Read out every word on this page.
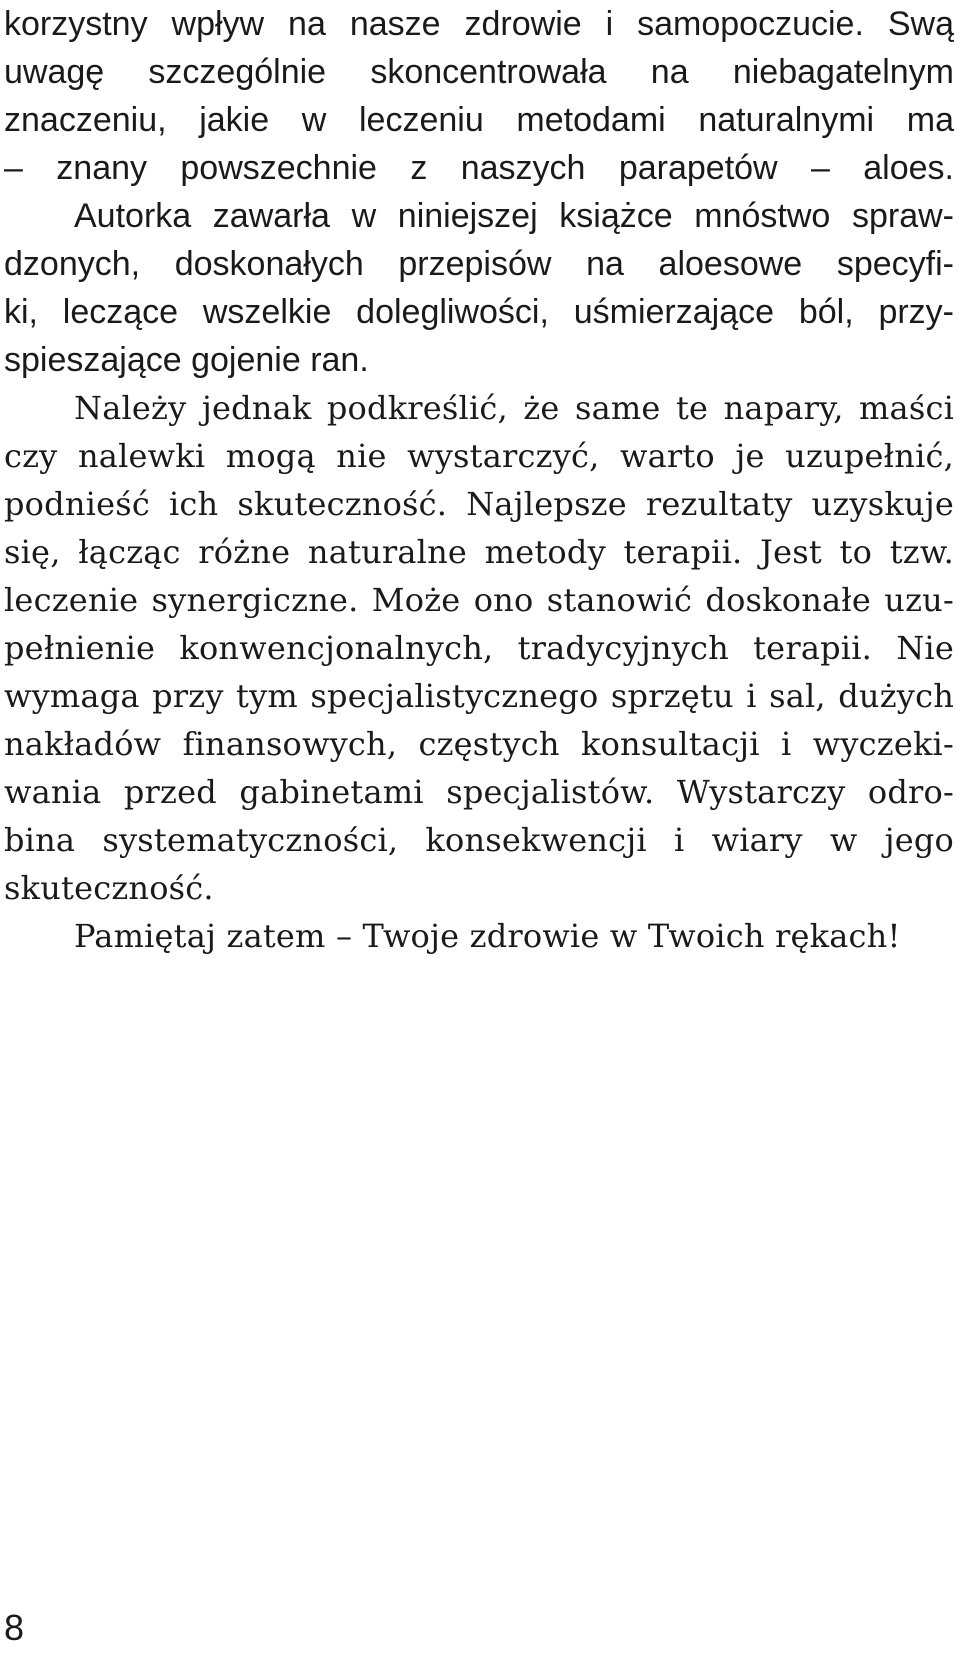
korzystny wpływ na nasze zdrowie i samopoczucie. Swą
uwagę szczególnie skoncentrowała na niebagatelnym
znaczeniu, jakie w leczeniu metodami naturalnymi ma
– znany powszechnie z naszych parapetów – aloes.
Autorka zawarła w niniejszej książce mnóstwo spraw-
dzonych, doskonałych przepisów na aloesowe specyfi-
ki, leczące wszelkie dolegliwości, uśmierzające ból, przy-
spieszające gojenie ran.
Należy jednak podkreślić, że same te napary, maści
czy nalewki mogą nie wystarczyć, warto je uzupełnić,
podnieść ich skuteczność. Najlepsze rezultaty uzyskuje
się, łącząc różne naturalne metody terapii. Jest to tzw.
leczenie synergiczne. Może ono stanowić doskonałe uzu-
pełnienie konwencjonalnych, tradycyjnych terapii. Nie
wymaga przy tym specjalistycznego sprzętu i sal, dużych
nakładów finansowych, częstych konsultacji i wyczeki-
wania przed gabinetami specjalistów. Wystarczy odro-
bina systematyczności, konsekwencji i wiary w jego
skuteczność.
Pamiętaj zatem – Twoje zdrowie w Twoich rękach!
8
